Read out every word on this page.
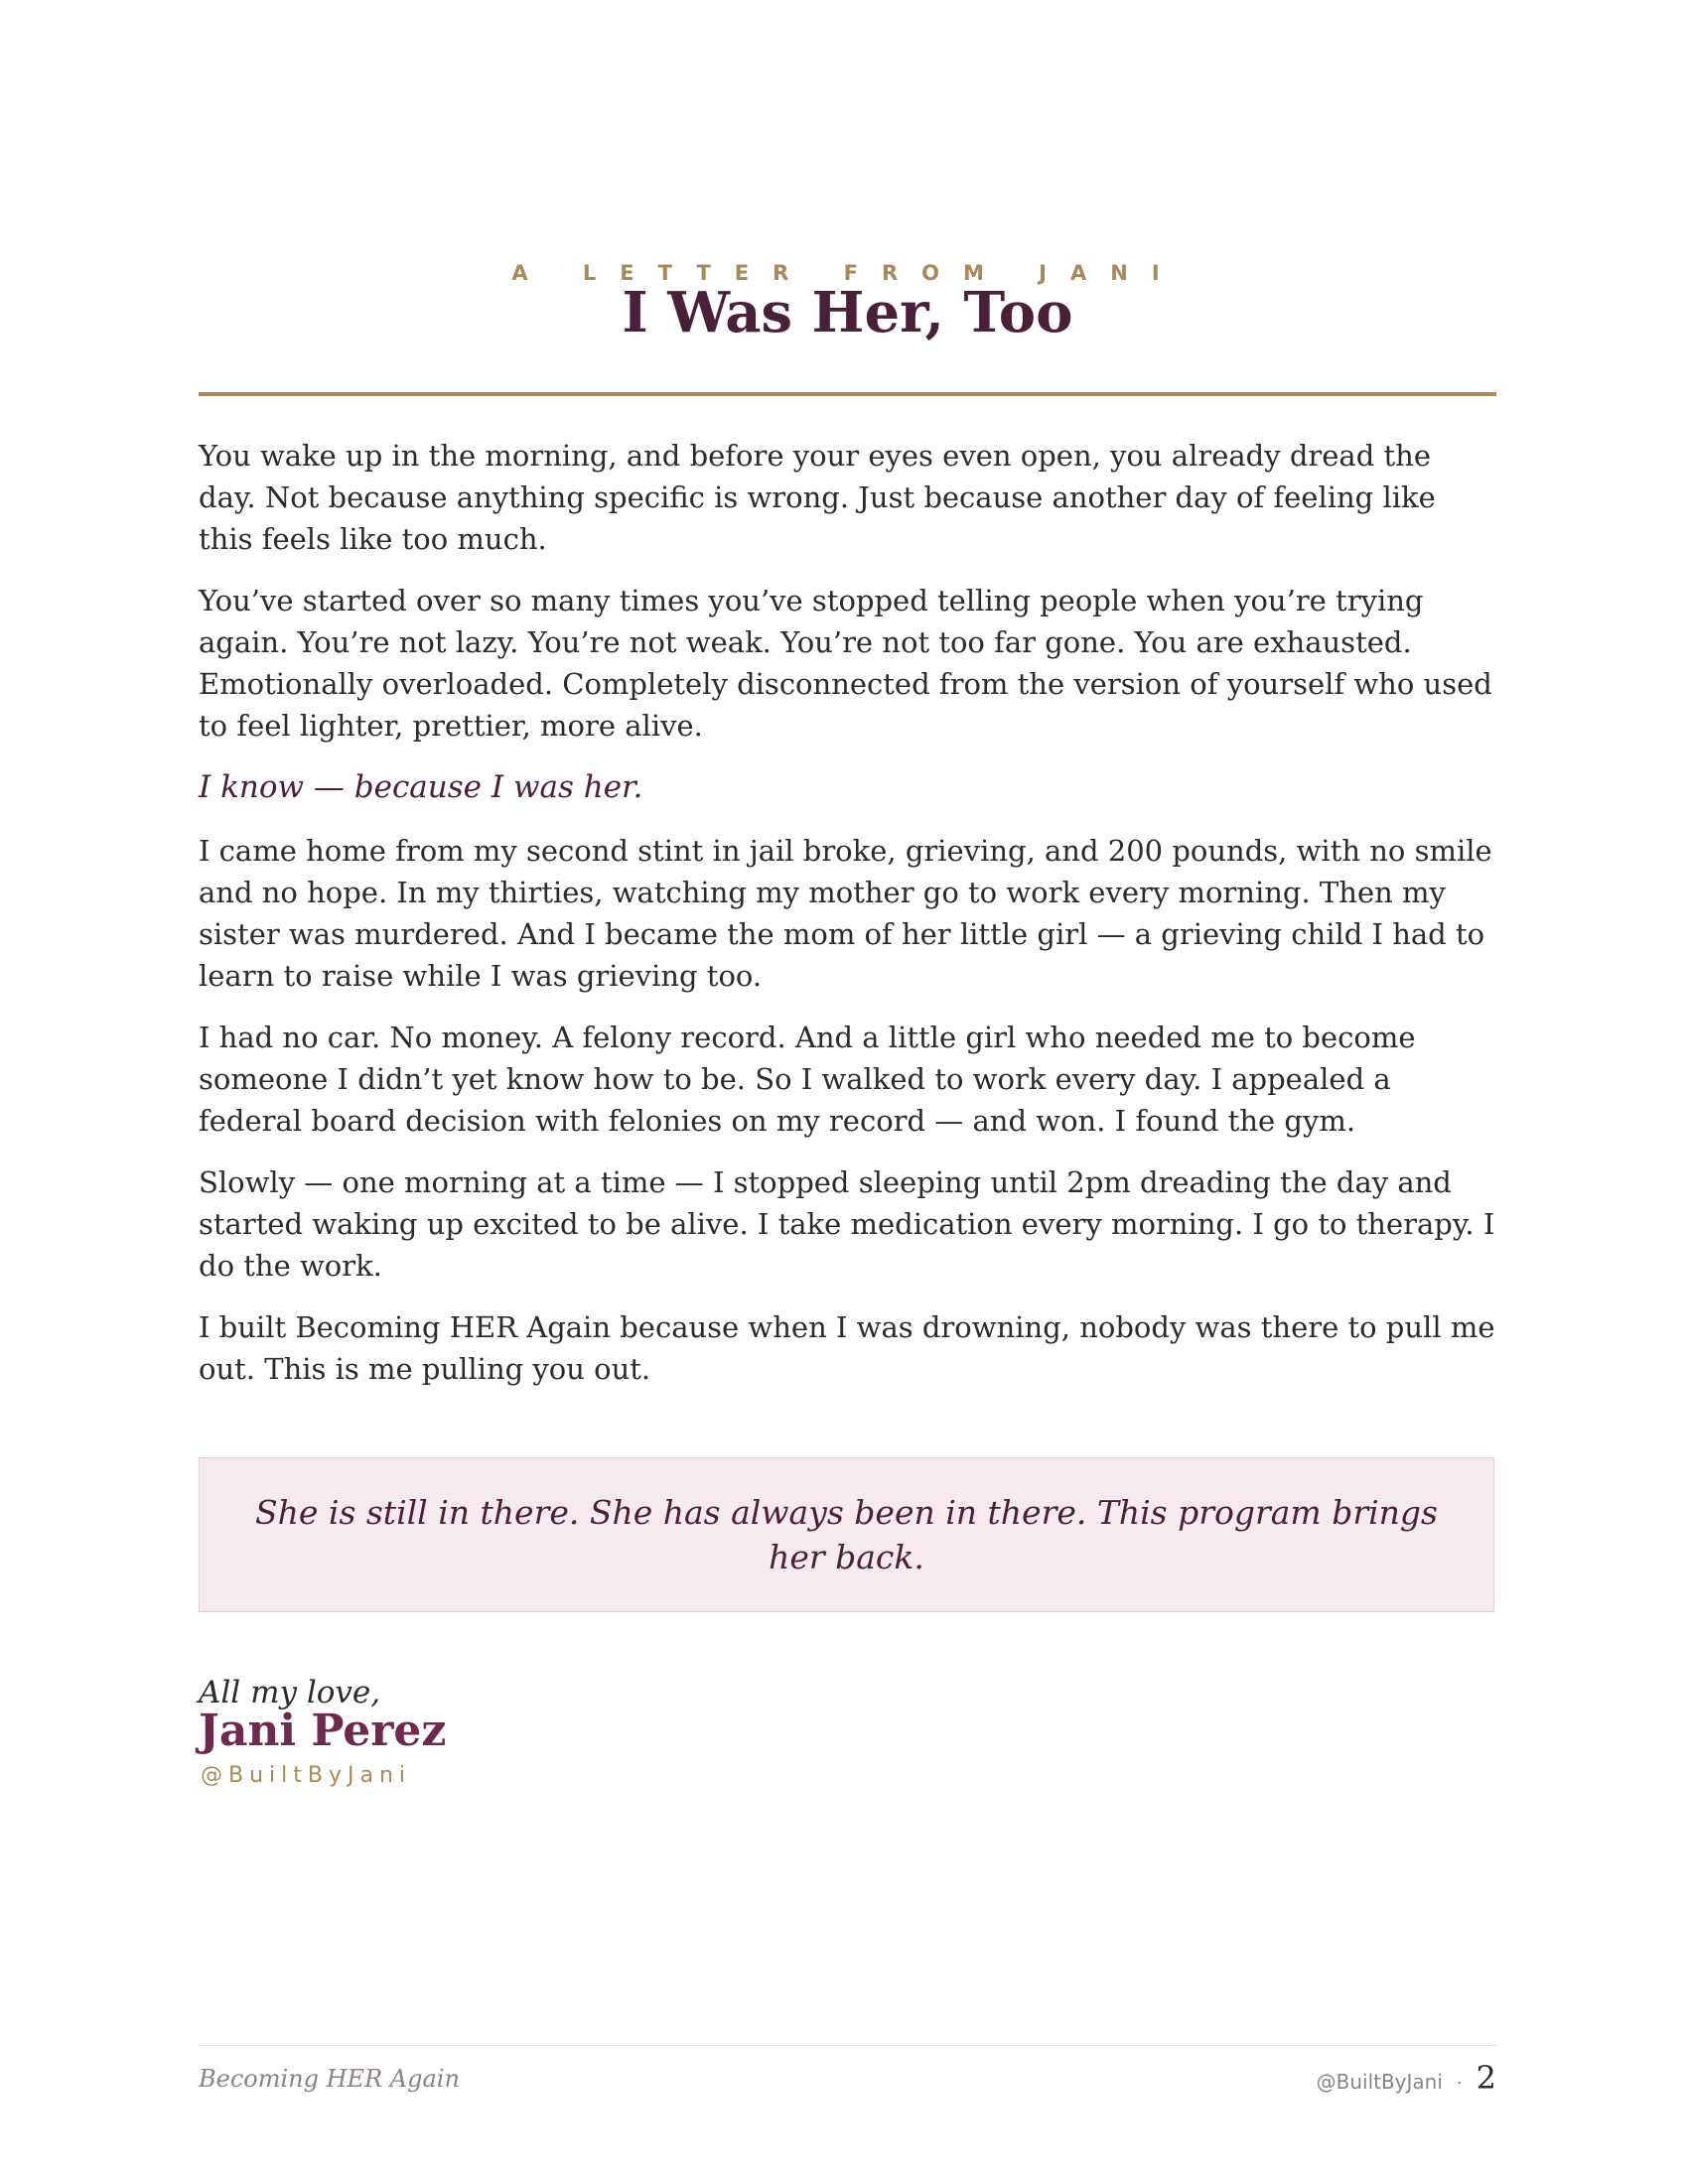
A LETTER FROM JANI
I Was Her, Too

You wake up in the morning, and before your eyes even open, you already dread the day. Not because anything specific is wrong. Just because another day of feeling like this feels like too much.

You’ve started over so many times you’ve stopped telling people when you’re trying again. You’re not lazy. You’re not weak. You’re not too far gone. You are exhausted. Emotionally overloaded. Completely disconnected from the version of yourself who used to feel lighter, prettier, more alive.

I know — because I was her.

I came home from my second stint in jail broke, grieving, and 200 pounds, with no smile and no hope. In my thirties, watching my mother go to work every morning. Then my sister was murdered. And I became the mom of her little girl — a grieving child I had to learn to raise while I was grieving too.

I had no car. No money. A felony record. And a little girl who needed me to become someone I didn’t yet know how to be. So I walked to work every day. I appealed a federal board decision with felonies on my record — and won. I found the gym.

Slowly — one morning at a time — I stopped sleeping until 2pm dreading the day and started waking up excited to be alive. I take medication every morning. I go to therapy. I do the work.

I built Becoming HER Again because when I was drowning, nobody was there to pull me out. This is me pulling you out.

She is still in there. She has always been in there. This program brings her back.
All my love,
Jani Perez
@BuiltByJani
Becoming HER Again	@BuiltByJani · 2
